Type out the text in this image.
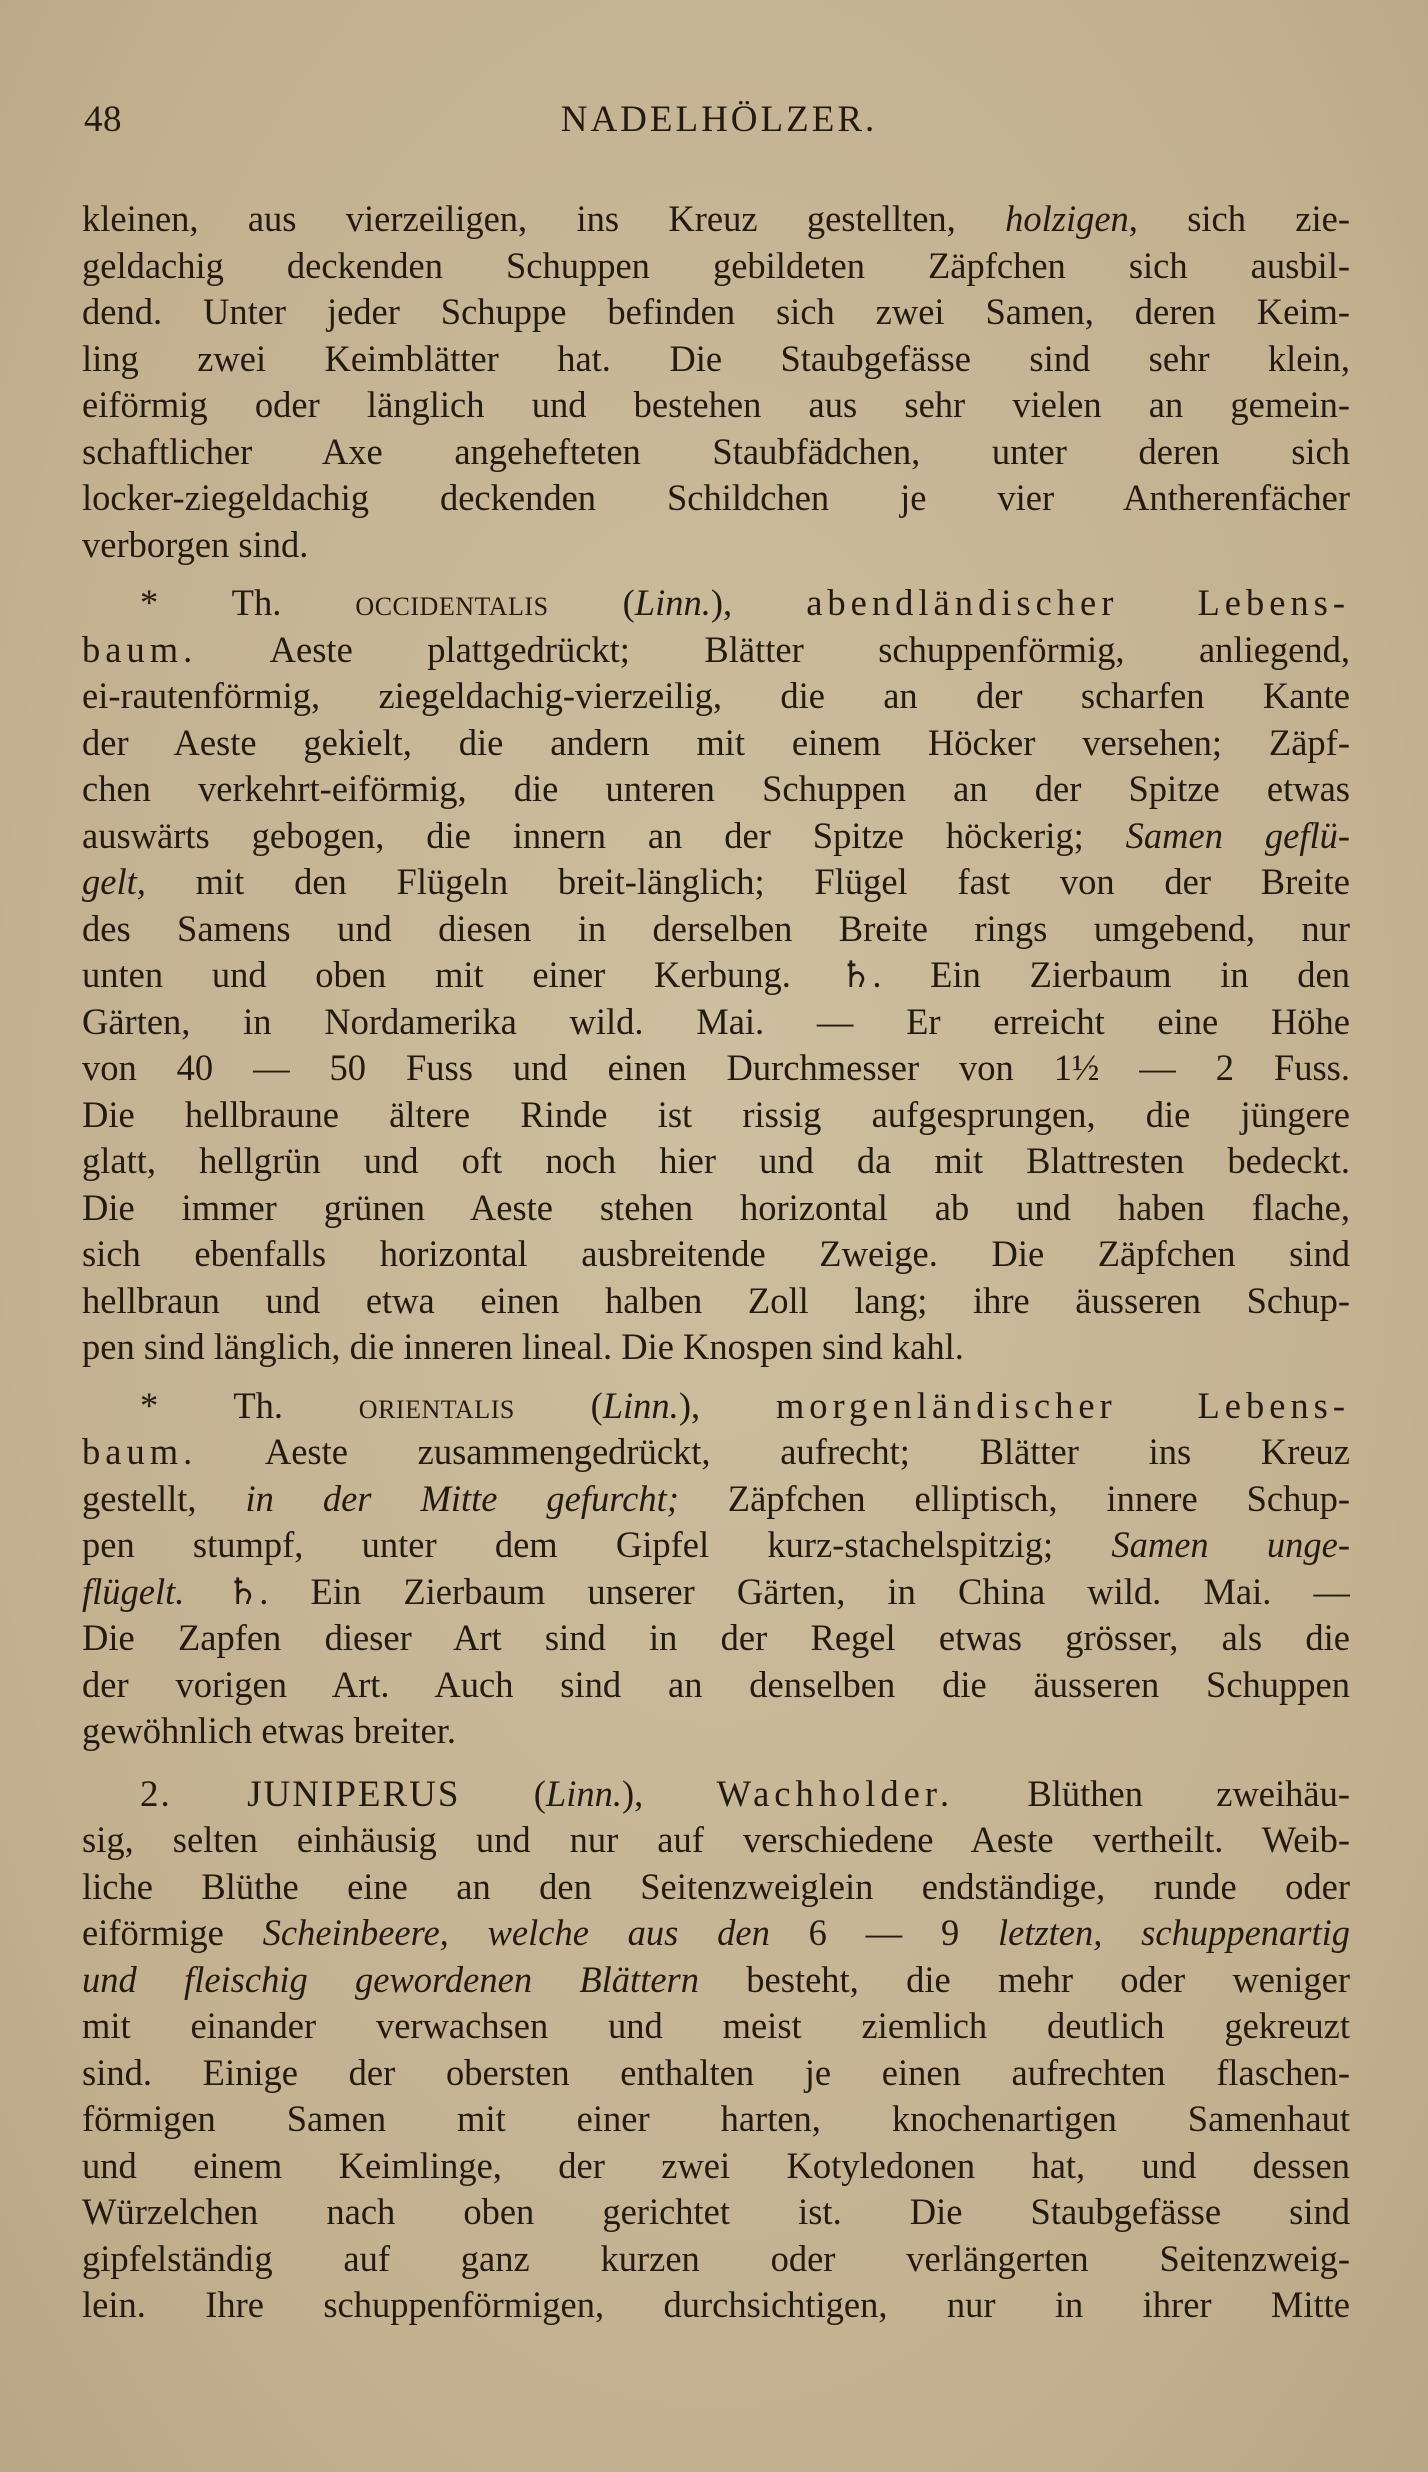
48	NADELHÖLZER.
kleinen, aus vierzeiligen, ins Kreuz gestellten, holzigen, sich zie-
geldachig deckenden Schuppen gebildeten Zäpfchen sich ausbil-
dend. Unter jeder Schuppe befinden sich zwei Samen, deren Keim-
ling zwei Keimblätter hat. Die Staubgefässe sind sehr klein,
eiförmig oder länglich und bestehen aus sehr vielen an gemein-
schaftlicher Axe angehefteten Staubfädchen, unter deren sich
locker-ziegeldachig deckenden Schildchen je vier Antherenfächer
verborgen sind.
* Th. occidentalis (Linn.), abendländischer Lebens-
baum. Aeste plattgedrückt; Blätter schuppenförmig, anliegend,
ei-rautenförmig, ziegeldachig-vierzeilig, die an der scharfen Kante
der Aeste gekielt, die andern mit einem Höcker versehen; Zäpf-
chen verkehrt-eiförmig, die unteren Schuppen an der Spitze etwas
auswärts gebogen, die innern an der Spitze höckerig; Samen geflü-
gelt, mit den Flügeln breit-länglich; Flügel fast von der Breite
des Samens und diesen in derselben Breite rings umgebend, nur
unten und oben mit einer Kerbung. ♄. Ein Zierbaum in den
Gärten, in Nordamerika wild. Mai. — Er erreicht eine Höhe
von 40 — 50 Fuss und einen Durchmesser von 1½ — 2 Fuss.
Die hellbraune ältere Rinde ist rissig aufgesprungen, die jüngere
glatt, hellgrün und oft noch hier und da mit Blattresten bedeckt.
Die immer grünen Aeste stehen horizontal ab und haben flache,
sich ebenfalls horizontal ausbreitende Zweige. Die Zäpfchen sind
hellbraun und etwa einen halben Zoll lang; ihre äusseren Schup-
pen sind länglich, die inneren lineal. Die Knospen sind kahl.
* Th. orientalis (Linn.), morgenländischer Lebens-
baum. Aeste zusammengedrückt, aufrecht; Blätter ins Kreuz
gestellt, in der Mitte gefurcht; Zäpfchen elliptisch, innere Schup-
pen stumpf, unter dem Gipfel kurz-stachelspitzig; Samen unge-
flügelt. ♄. Ein Zierbaum unserer Gärten, in China wild. Mai. —
Die Zapfen dieser Art sind in der Regel etwas grösser, als die
der vorigen Art. Auch sind an denselben die äusseren Schuppen
gewöhnlich etwas breiter.
2. JUNIPERUS (Linn.), Wachholder. Blüthen zweihäu-
sig, selten einhäusig und nur auf verschiedene Aeste vertheilt. Weib-
liche Blüthe eine an den Seitenzweiglein endständige, runde oder
eiförmige Scheinbeere, welche aus den 6 — 9 letzten, schuppenartig
und fleischig gewordenen Blättern besteht, die mehr oder weniger
mit einander verwachsen und meist ziemlich deutlich gekreuzt
sind. Einige der obersten enthalten je einen aufrechten flaschen-
förmigen Samen mit einer harten, knochenartigen Samenhaut
und einem Keimlinge, der zwei Kotyledonen hat, und dessen
Würzelchen nach oben gerichtet ist. Die Staubgefässe sind
gipfelständig auf ganz kurzen oder verlängerten Seitenzweig-
lein. Ihre schuppenförmigen, durchsichtigen, nur in ihrer Mitte
